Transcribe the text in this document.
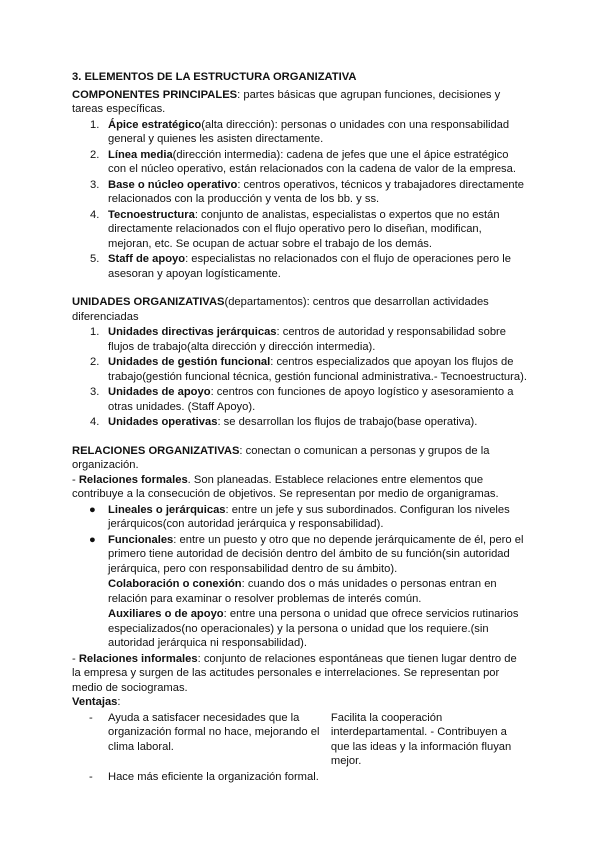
3. ELEMENTOS DE LA ESTRUCTURA ORGANIZATIVA

COMPONENTES PRINCIPALES: partes básicas que agrupan funciones, decisiones y tareas específicas.

1. Ápice estratégico(alta dirección): personas o unidades con una responsabilidad general y quienes les asisten directamente.
2. Línea media(dirección intermedia): cadena de jefes que une el ápice estratégico con el núcleo operativo, están relacionados con la cadena de valor de la empresa.
3. Base o núcleo operativo: centros operativos, técnicos y trabajadores directamente relacionados con la producción y venta de los bb. y ss.
4. Tecnoestructura: conjunto de analistas, especialistas o expertos que no están directamente relacionados con el flujo operativo pero lo diseñan, modifican, mejoran, etc. Se ocupan de actuar sobre el trabajo de los demás.
5. Staff de apoyo: especialistas no relacionados con el flujo de operaciones pero le asesoran y apoyan logísticamente.

UNIDADES ORGANIZATIVAS(departamentos): centros que desarrollan actividades diferenciadas

1. Unidades directivas jerárquicas: centros de autoridad y responsabilidad sobre flujos de trabajo(alta dirección y dirección intermedia).
2. Unidades de gestión funcional: centros especializados que apoyan los flujos de trabajo(gestión funcional técnica, gestión funcional administrativa.- Tecnoestructura).
3. Unidades de apoyo: centros con funciones de apoyo logístico y asesoramiento a otras unidades. (Staff Apoyo).
4. Unidades operativas: se desarrollan los flujos de trabajo(base operativa).

RELACIONES ORGANIZATIVAS: conectan o comunican a personas y grupos de la organización.

- Relaciones formales. Son planeadas. Establece relaciones entre elementos que contribuye a la consecución de objetivos. Se representan por medio de organigramas.

● Lineales o jerárquicas: entre un jefe y sus subordinados. Configuran los niveles jerárquicos(con autoridad jerárquica y responsabilidad).
● Funcionales: entre un puesto y otro que no depende jerárquicamente de él, pero el primero tiene autoridad de decisión dentro del ámbito de su función(sin autoridad jerárquica, pero con responsabilidad dentro de su ámbito).

Colaboración o conexión: cuando dos o más unidades o personas entran en relación para examinar o resolver problemas de interés común.

Auxiliares o de apoyo: entre una persona o unidad que ofrece servicios rutinarios especializados(no operacionales) y la persona o unidad que los requiere.(sin autoridad jerárquica ni responsabilidad).

- Relaciones informales: conjunto de relaciones espontáneas que tienen lugar dentro de la empresa y surgen de las actitudes personales e interrelaciones. Se representan por medio de sociogramas.

Ventajas:

- Ayuda a satisfacer necesidades que la organización formal no hace, mejorando el clima laboral.
Facilita la cooperación interdepartamental. - Contribuyen a que las ideas y la información fluyan mejor.
- Hace más eficiente la organización formal.
